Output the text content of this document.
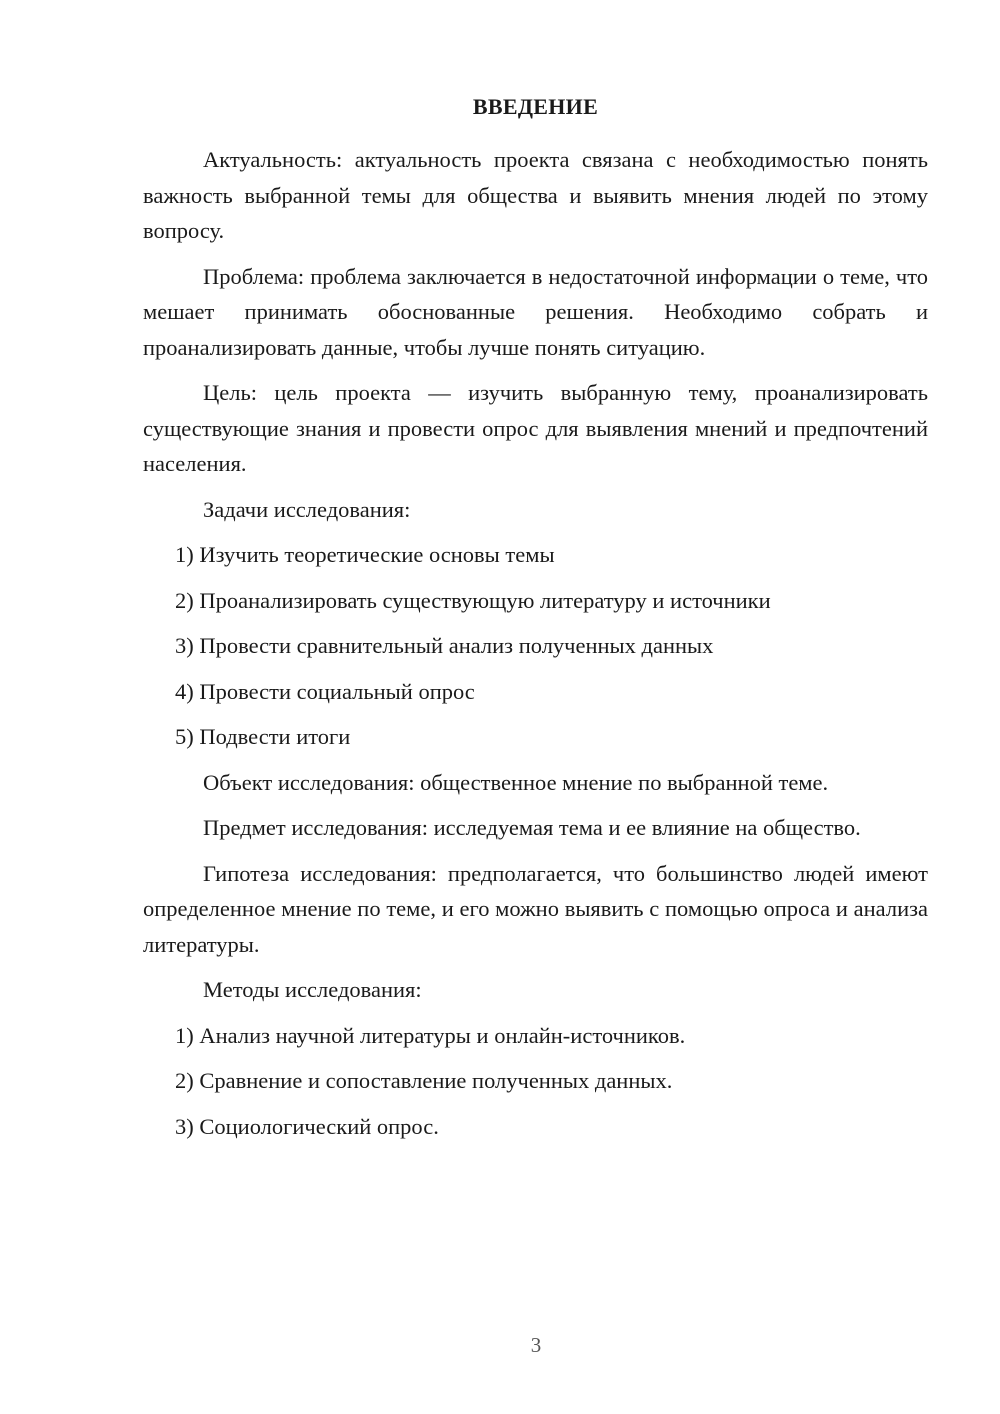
ВВЕДЕНИЕ

Актуальность: актуальность проекта связана с необходимостью понять важность выбранной темы для общества и выявить мнения людей по этому вопросу.

Проблема: проблема заключается в недостаточной информации о теме, что мешает принимать обоснованные решения. Необходимо собрать и проанализировать данные, чтобы лучше понять ситуацию.

Цель: цель проекта — изучить выбранную тему, проанализировать существующие знания и провести опрос для выявления мнений и предпочтений населения.

Задачи исследования:

1) Изучить теоретические основы темы

2) Проанализировать существующую литературу и источники

3) Провести сравнительный анализ полученных данных

4) Провести социальный опрос

5) Подвести итоги

Объект исследования: общественное мнение по выбранной теме.

Предмет исследования: исследуемая тема и ее влияние на общество.

Гипотеза исследования: предполагается, что большинство людей имеют определенное мнение по теме, и его можно выявить с помощью опроса и анализа литературы.

Методы исследования:

1) Анализ научной литературы и онлайн-источников.

2) Сравнение и сопоставление полученных данных.

3) Социологический опрос.

3
